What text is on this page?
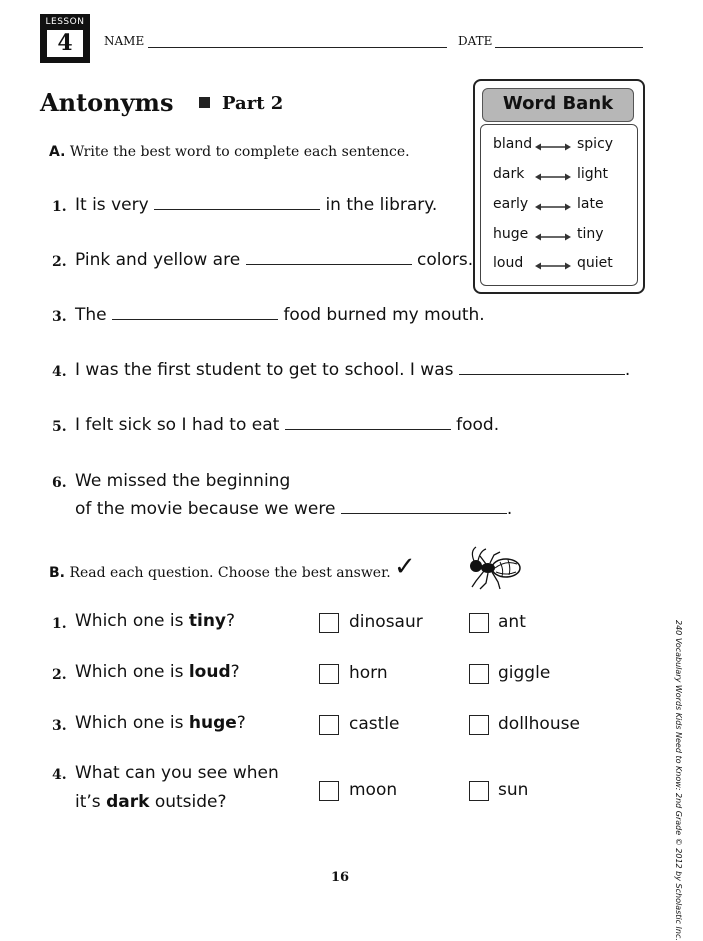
LESSON
4	NAME	DATE
Antonyms	Part 2	Word Bank
bland	spicy
dark	light
early	late
huge	tiny
loud	quiet
A. Write the best word to complete each sentence.
1. It is very	in the library.
2. Pink and yellow are	colors.
3. The	food burned my mouth.
4. I was the first student to get to school. I was	.
5. I felt sick so I had to eat	food.
6. We missed the beginning
of the movie because we were	.
B. Read each question. Choose the best answer. ✓
1. Which one is tiny?	dinosaur	ant
2. Which one is loud?	horn	giggle
3. Which one is huge?	castle	dollhouse
4. What can you see when
it’s dark outside?
moon	sun	240 Vocabulary Words Kids Need to Know: 2nd Grade © 2012 by Scholastic Inc.
16
